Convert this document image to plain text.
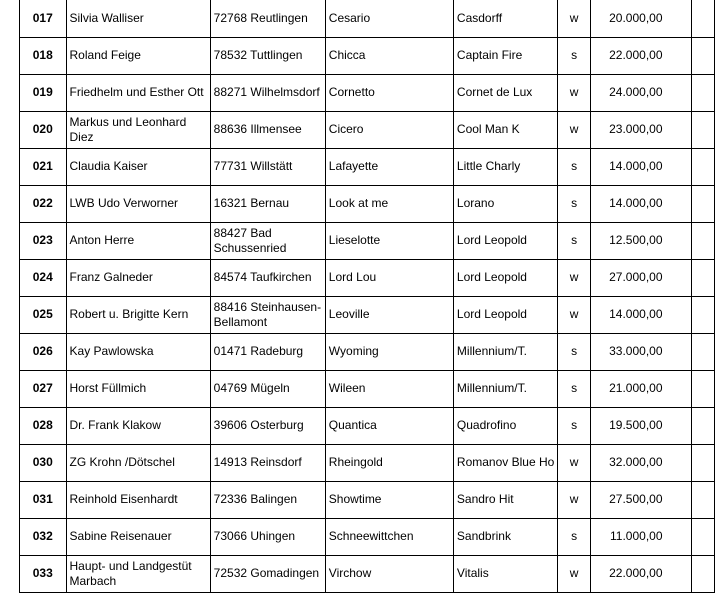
017	Silvia Walliser	72768 Reutlingen	Cesario	Casdorff	w	20.000,00	
018	Roland Feige	78532 Tuttlingen	Chicca	Captain Fire	s	22.000,00	
019	Friedhelm und Esther Ott	88271 Wilhelmsdorf	Cornetto	Cornet de Lux	w	24.000,00	
020	Markus und Leonhard Diez	88636 Illmensee	Cicero	Cool Man K	w	23.000,00	
021	Claudia Kaiser	77731 Willstätt	Lafayette	Little Charly	s	14.000,00	
022	LWB Udo Verworner	16321 Bernau	Look at me	Lorano	s	14.000,00	
023	Anton Herre	88427 Bad Schussenried	Lieselotte	Lord Leopold	s	12.500,00	
024	Franz Galneder	84574 Taufkirchen	Lord Lou	Lord Leopold	w	27.000,00	
025	Robert u. Brigitte Kern	88416 Steinhausen-Bellamont	Leoville	Lord Leopold	w	14.000,00	
026	Kay Pawlowska	01471 Radeburg	Wyoming	Millennium/T.	s	33.000,00	
027	Horst Füllmich	04769 Mügeln	Wileen	Millennium/T.	s	21.000,00	
028	Dr. Frank Klakow	39606 Osterburg	Quantica	Quadrofino	s	19.500,00	
030	ZG Krohn /Dötschel	14913 Reinsdorf	Rheingold	Romanov Blue Ho	w	32.000,00	
031	Reinhold Eisenhardt	72336 Balingen	Showtime	Sandro Hit	w	27.500,00	
032	Sabine Reisenauer	73066 Uhingen	Schneewittchen	Sandbrink	s	11.000,00	
033	Haupt- und Landgestüt Marbach	72532 Gomadingen	Virchow	Vitalis	w	22.000,00	
